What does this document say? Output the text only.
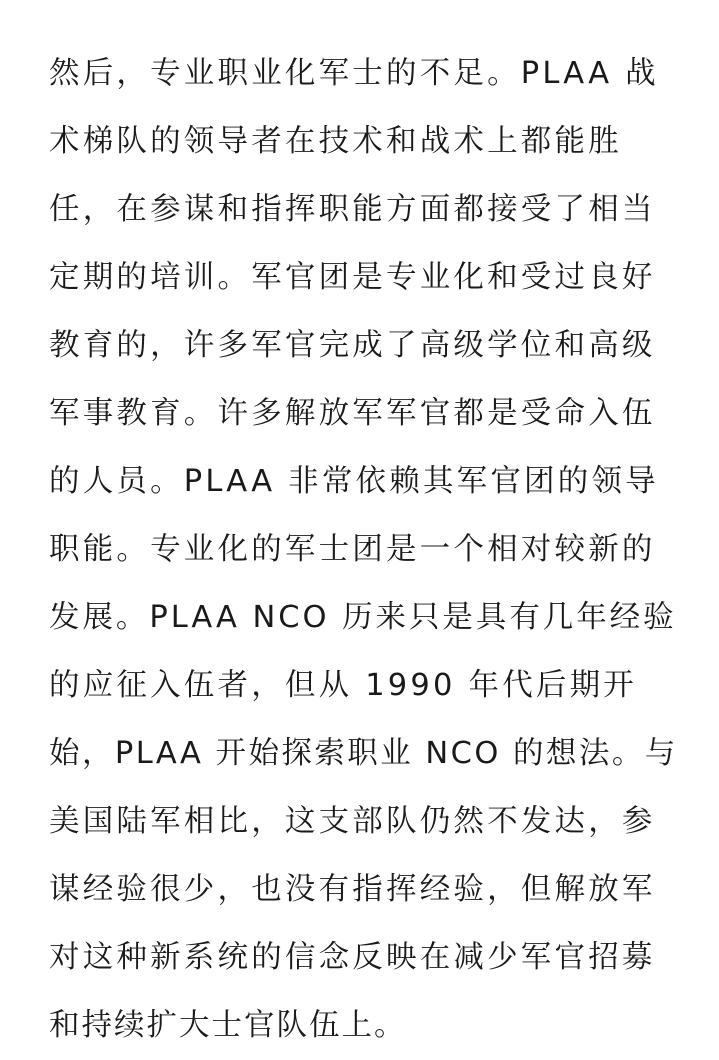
然后，专业职业化军士的不足。PLAA 战
术梯队的领导者在技术和战术上都能胜
任，在参谋和指挥职能方面都接受了相当
定期的培训。军官团是专业化和受过良好
教育的，许多军官完成了高级学位和高级
军事教育。许多解放军军官都是受命入伍
的人员。PLAA 非常依赖其军官团的领导
职能。专业化的军士团是一个相对较新的
发展。PLAA NCO 历来只是具有几年经验
的应征入伍者，但从 1990 年代后期开
始，PLAA 开始探索职业 NCO 的想法。与
美国陆军相比，这支部队仍然不发达，参
谋经验很少，也没有指挥经验，但解放军
对这种新系统的信念反映在减少军官招募
和持续扩大士官队伍上。
